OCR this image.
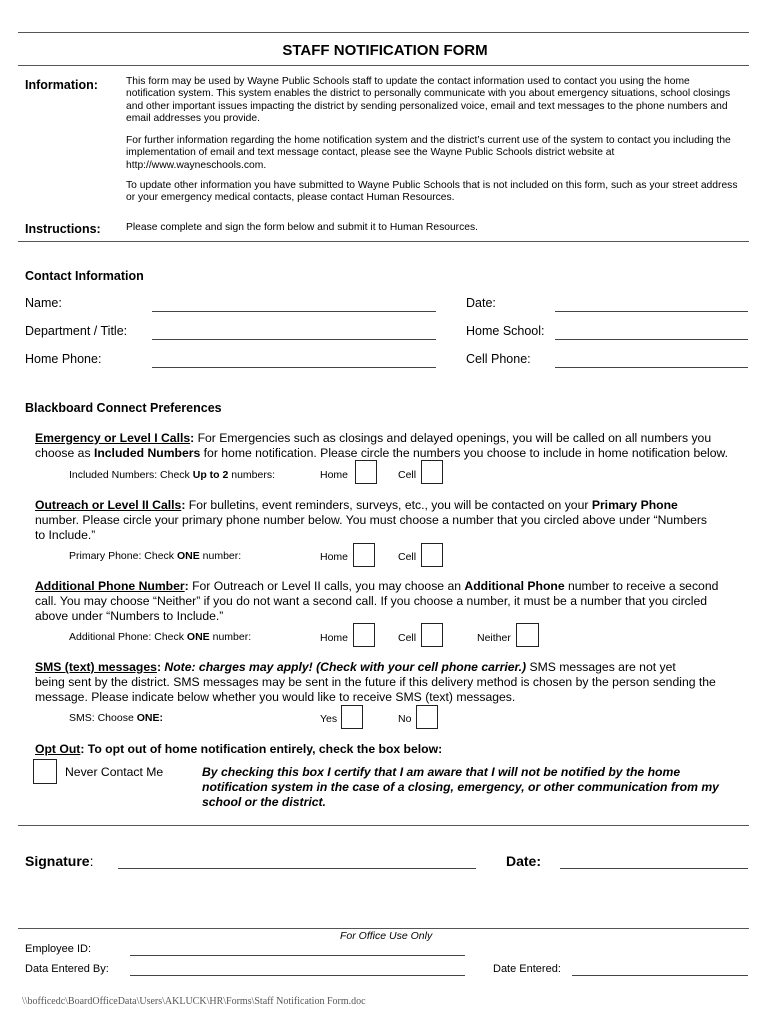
STAFF NOTIFICATION FORM
Information:	This form may be used by Wayne Public Schools staff to update the contact information used to contact you using the home notification system. This system enables the district to personally communicate with you about emergency situations, school closings and other important issues impacting the district by sending personalized voice, email and text messages to the phone numbers and email addresses you provide.
For further information regarding the home notification system and the district’s current use of the system to contact you including the implementation of email and text message contact, please see the Wayne Public Schools district website at http://www.wayneschools.com.
To update other information you have submitted to Wayne Public Schools that is not included on this form, such as your street address or your emergency medical contacts, please contact Human Resources.
Instructions: Please complete and sign the form below and submit it to Human Resources.
Contact Information
Name:	Date:
Department / Title:	Home School:
Home Phone:	Cell Phone:
Blackboard Connect Preferences
Emergency or Level I Calls: For Emergencies such as closings and delayed openings, you will be called on all numbers you
choose as Included Numbers for home notification. Please circle the numbers you choose to include in home notification below.
Included Numbers: Check Up to 2 numbers:	Home	Cell
Outreach or Level II Calls: For bulletins, event reminders, surveys, etc., you will be contacted on your Primary Phone
number. Please circle your primary phone number below. You must choose a number that you circled above under “Numbers
to Include.”
Primary Phone: Check ONE number:	Home	Cell
Additional Phone Number: For Outreach or Level II calls, you may choose an Additional Phone number to receive a second
call. You may choose “Neither” if you do not want a second call. If you choose a number, it must be a number that you circled
above under “Numbers to Include.”
Additional Phone: Check ONE number:	Home	Cell	Neither
SMS (text) messages: Note: charges may apply! (Check with your cell phone carrier.) SMS messages are not yet
being sent by the district. SMS messages may be sent in the future if this delivery method is chosen by the person sending the
message. Please indicate below whether you would like to receive SMS (text) messages.
SMS: Choose ONE:	Yes	No
Opt Out: To opt out of home notification entirely, check the box below:
Never Contact Me	By checking this box I certify that I am aware that I will not be notified by the home notification system in the case of a closing, emergency, or other communication from my school or the district.
Signature:	Date:
For Office Use Only
Employee ID:
Data Entered By:	Date Entered:
\\bofficedc\BoardOfficeData\Users\AKLUCK\HR\Forms\Staff Notification Form.doc
